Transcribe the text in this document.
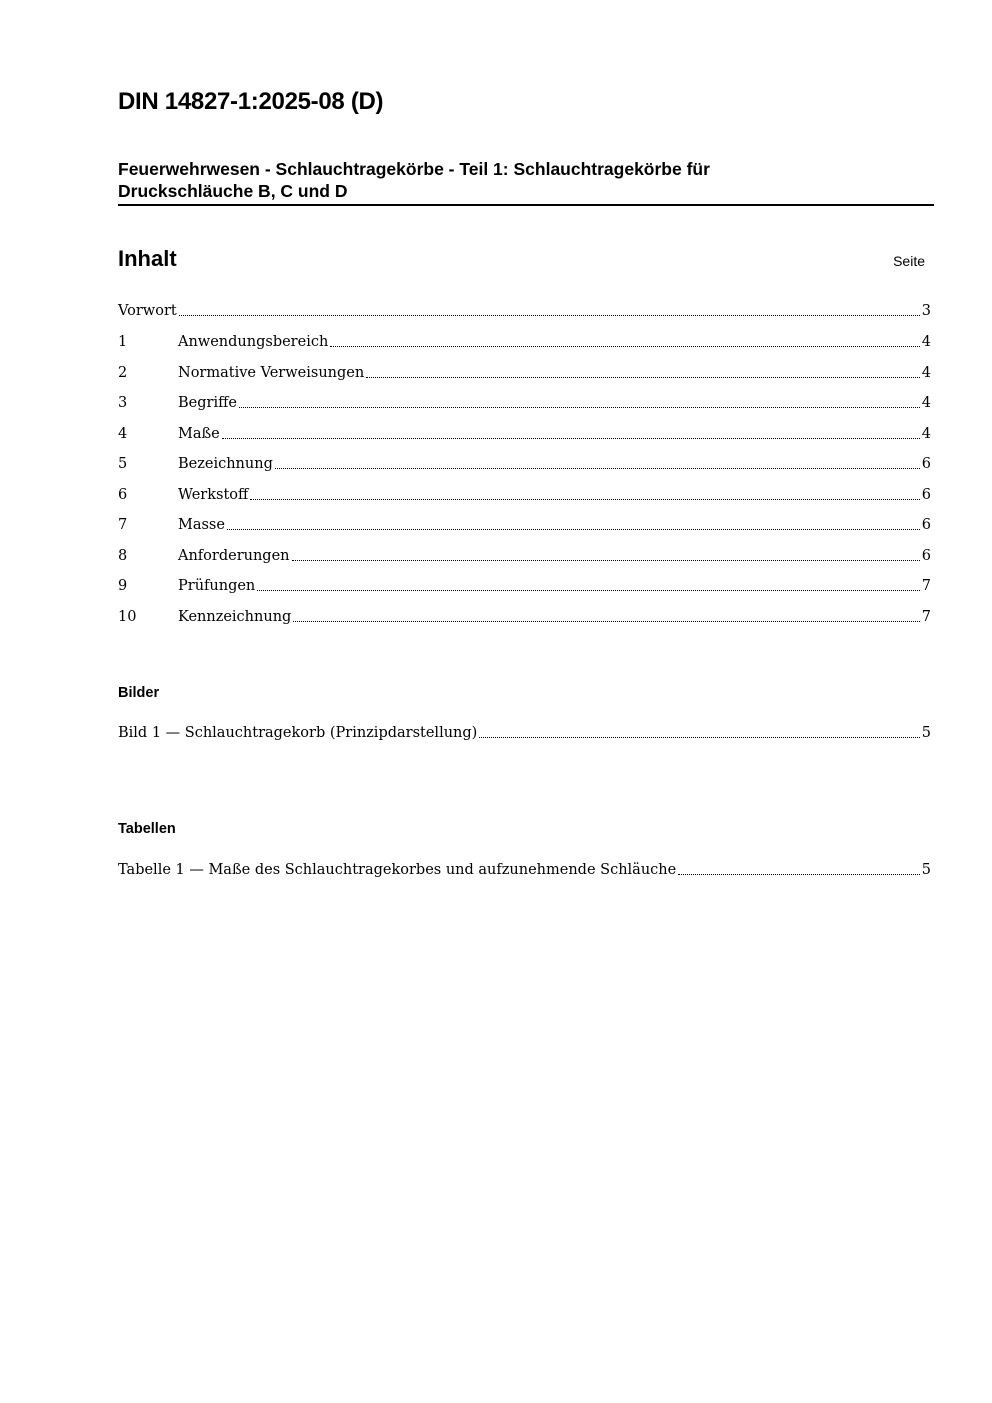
DIN 14827-1:2025-08 (D)
Feuerwehrwesen - Schlauchtragekörbe - Teil 1: Schlauchtragekörbe für
Druckschläuche B, C und D
Inhalt	Seite
Vorwort	3
1	Anwendungsbereich	4
2	Normative Verweisungen	4
3	Begriffe	4
4	Maße	4
5	Bezeichnung	6
6	Werkstoff	6
7	Masse	6
8	Anforderungen	6
9	Prüfungen	7
10	Kennzeichnung	7
Bilder
Bild 1 — Schlauchtragekorb (Prinzipdarstellung)	5
Tabellen
Tabelle 1 — Maße des Schlauchtragekorbes und aufzunehmende Schläuche	5
